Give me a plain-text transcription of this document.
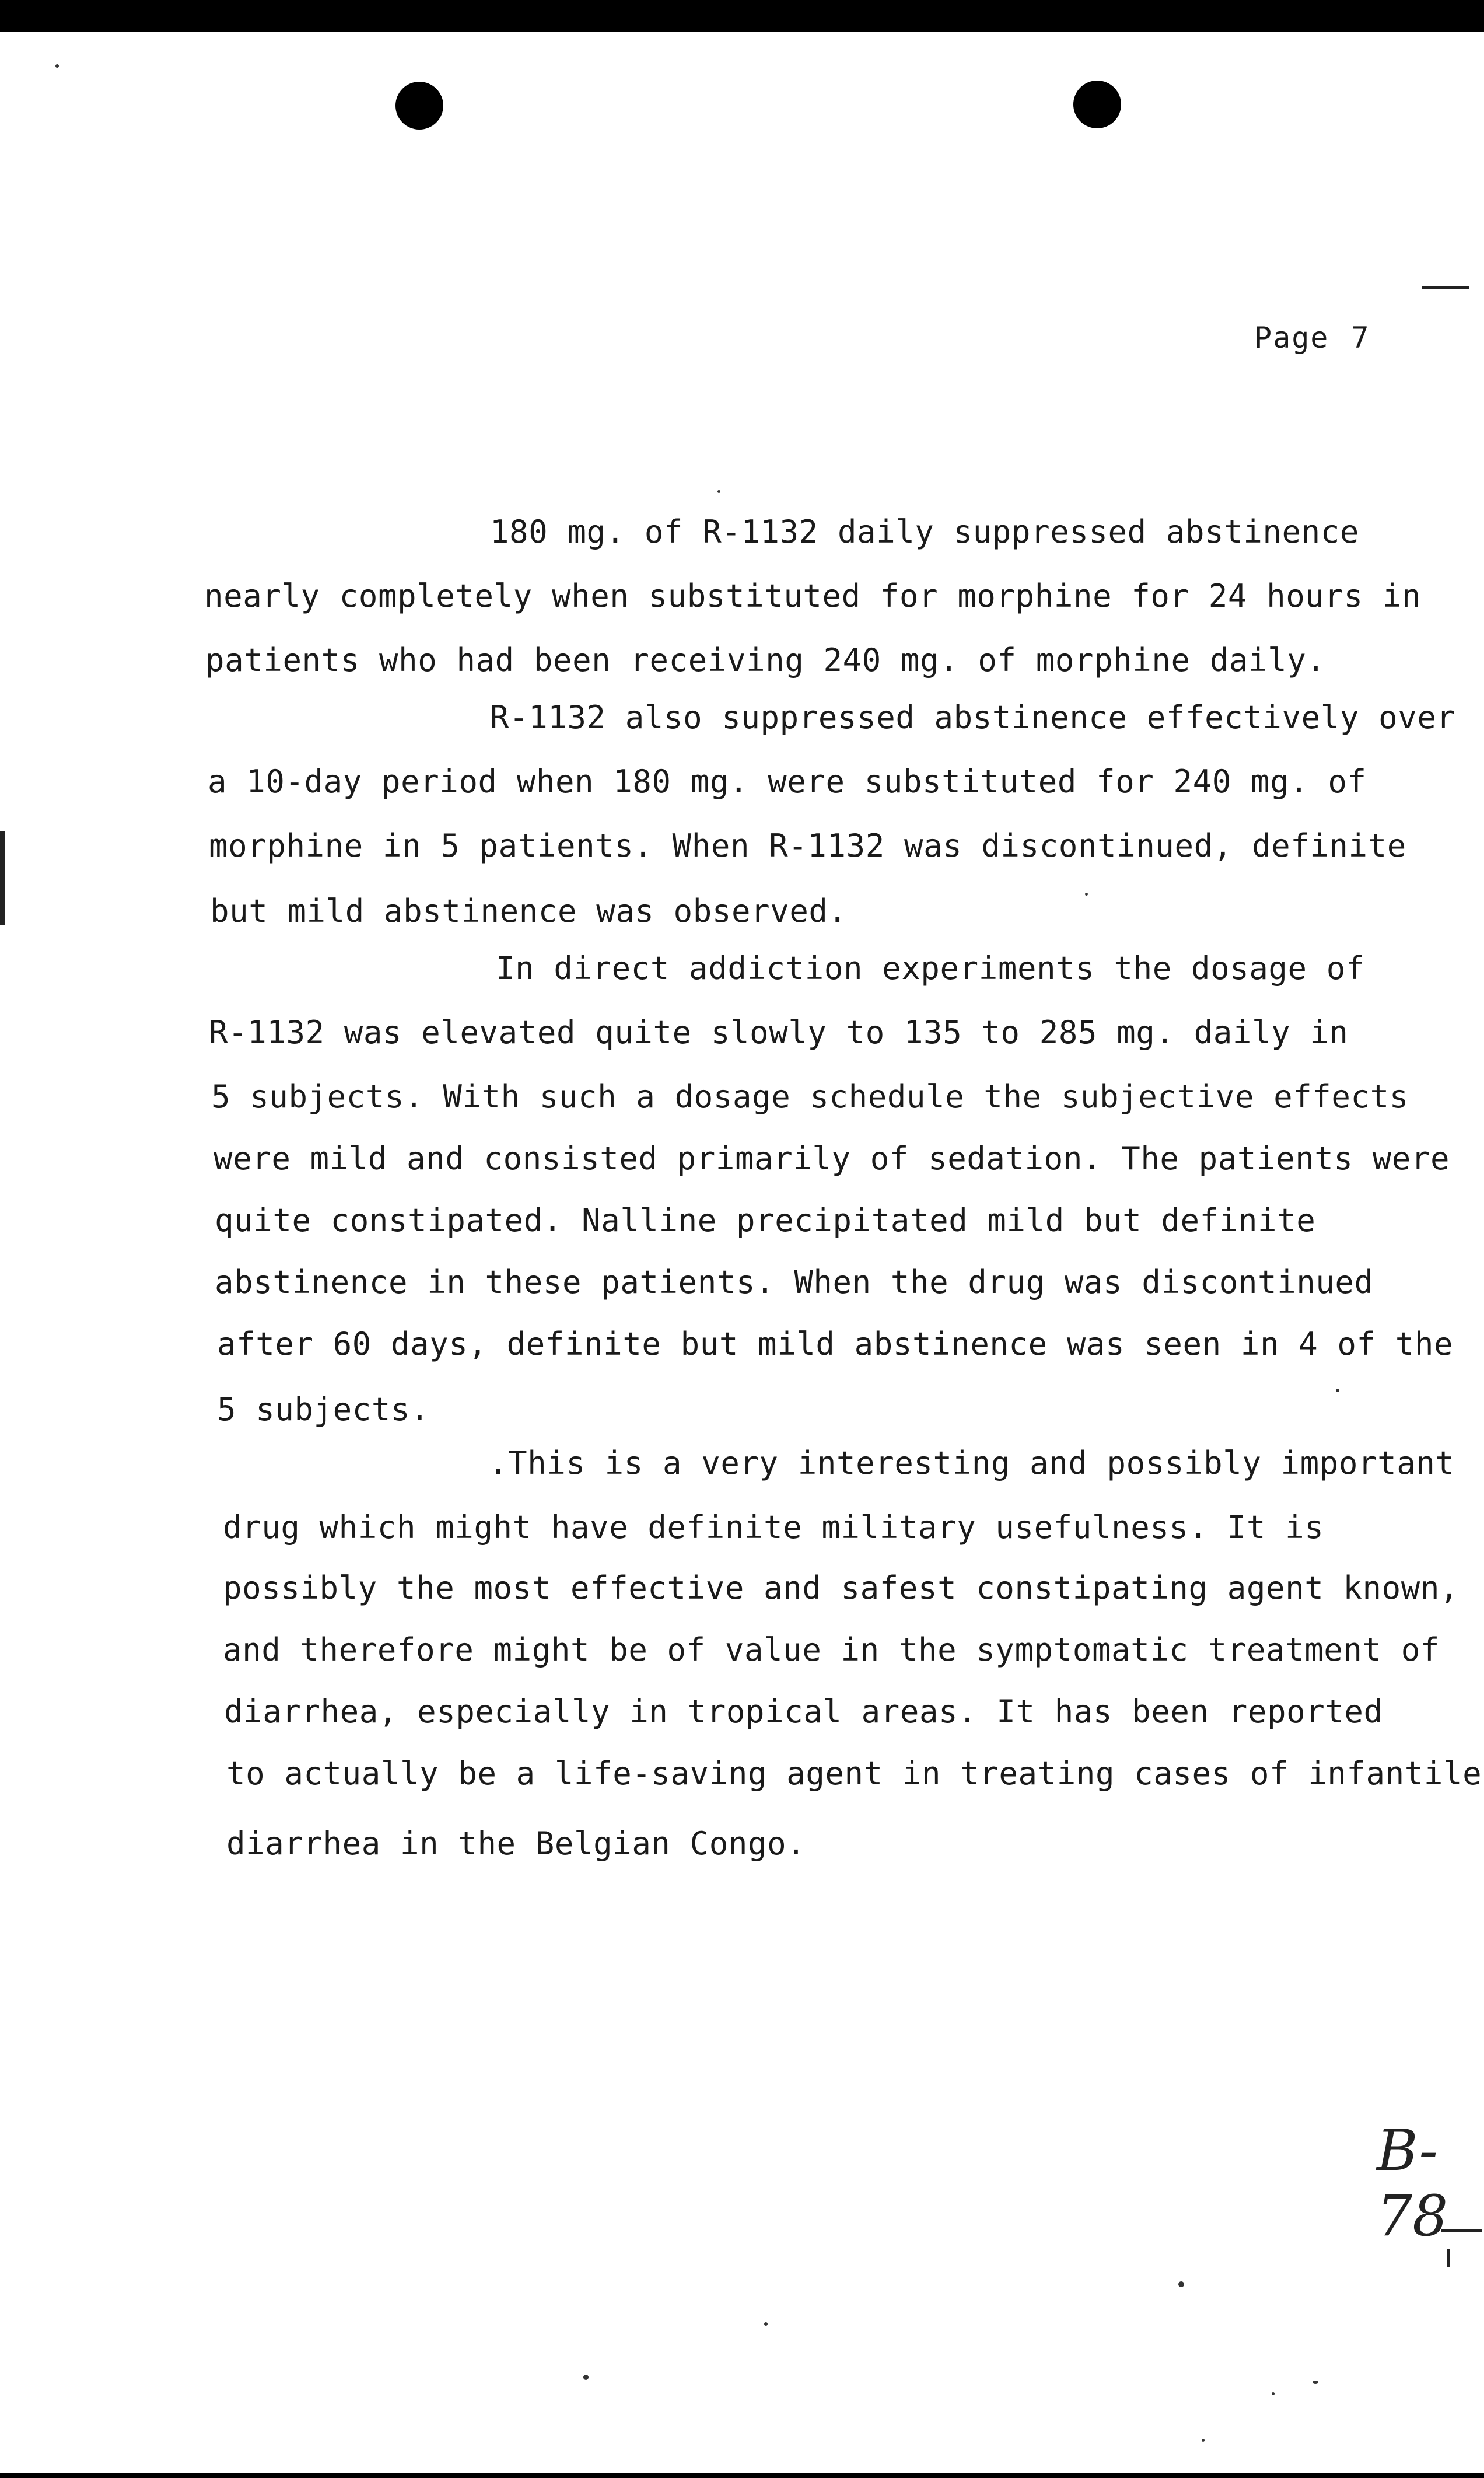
Page 7
180 mg. of R-1132 daily suppressed abstinence
nearly completely when substituted for morphine for 24 hours in
patients who had been receiving 240 mg. of morphine daily.
R-1132 also suppressed abstinence effectively over
a 10-day period when 180 mg. were substituted for 240 mg. of
morphine in 5 patients. When R-1132 was discontinued, definite
but mild abstinence was observed.
In direct addiction experiments the dosage of
R-1132 was elevated quite slowly to 135 to 285 mg. daily in
5 subjects. With such a dosage schedule the subjective effects
were mild and consisted primarily of sedation. The patients were
quite constipated. Nalline precipitated mild but definite
abstinence in these patients. When the drug was discontinued
after 60 days, definite but mild abstinence was seen in 4 of the
5 subjects.
.This is a very interesting and possibly important
drug which might have definite military usefulness. It is
possibly the most effective and safest constipating agent known,
and therefore might be of value in the symptomatic treatment of
diarrhea, especially in tropical areas. It has been reported
to actually be a life-saving agent in treating cases of infantile
diarrhea in the Belgian Congo.
B-78
